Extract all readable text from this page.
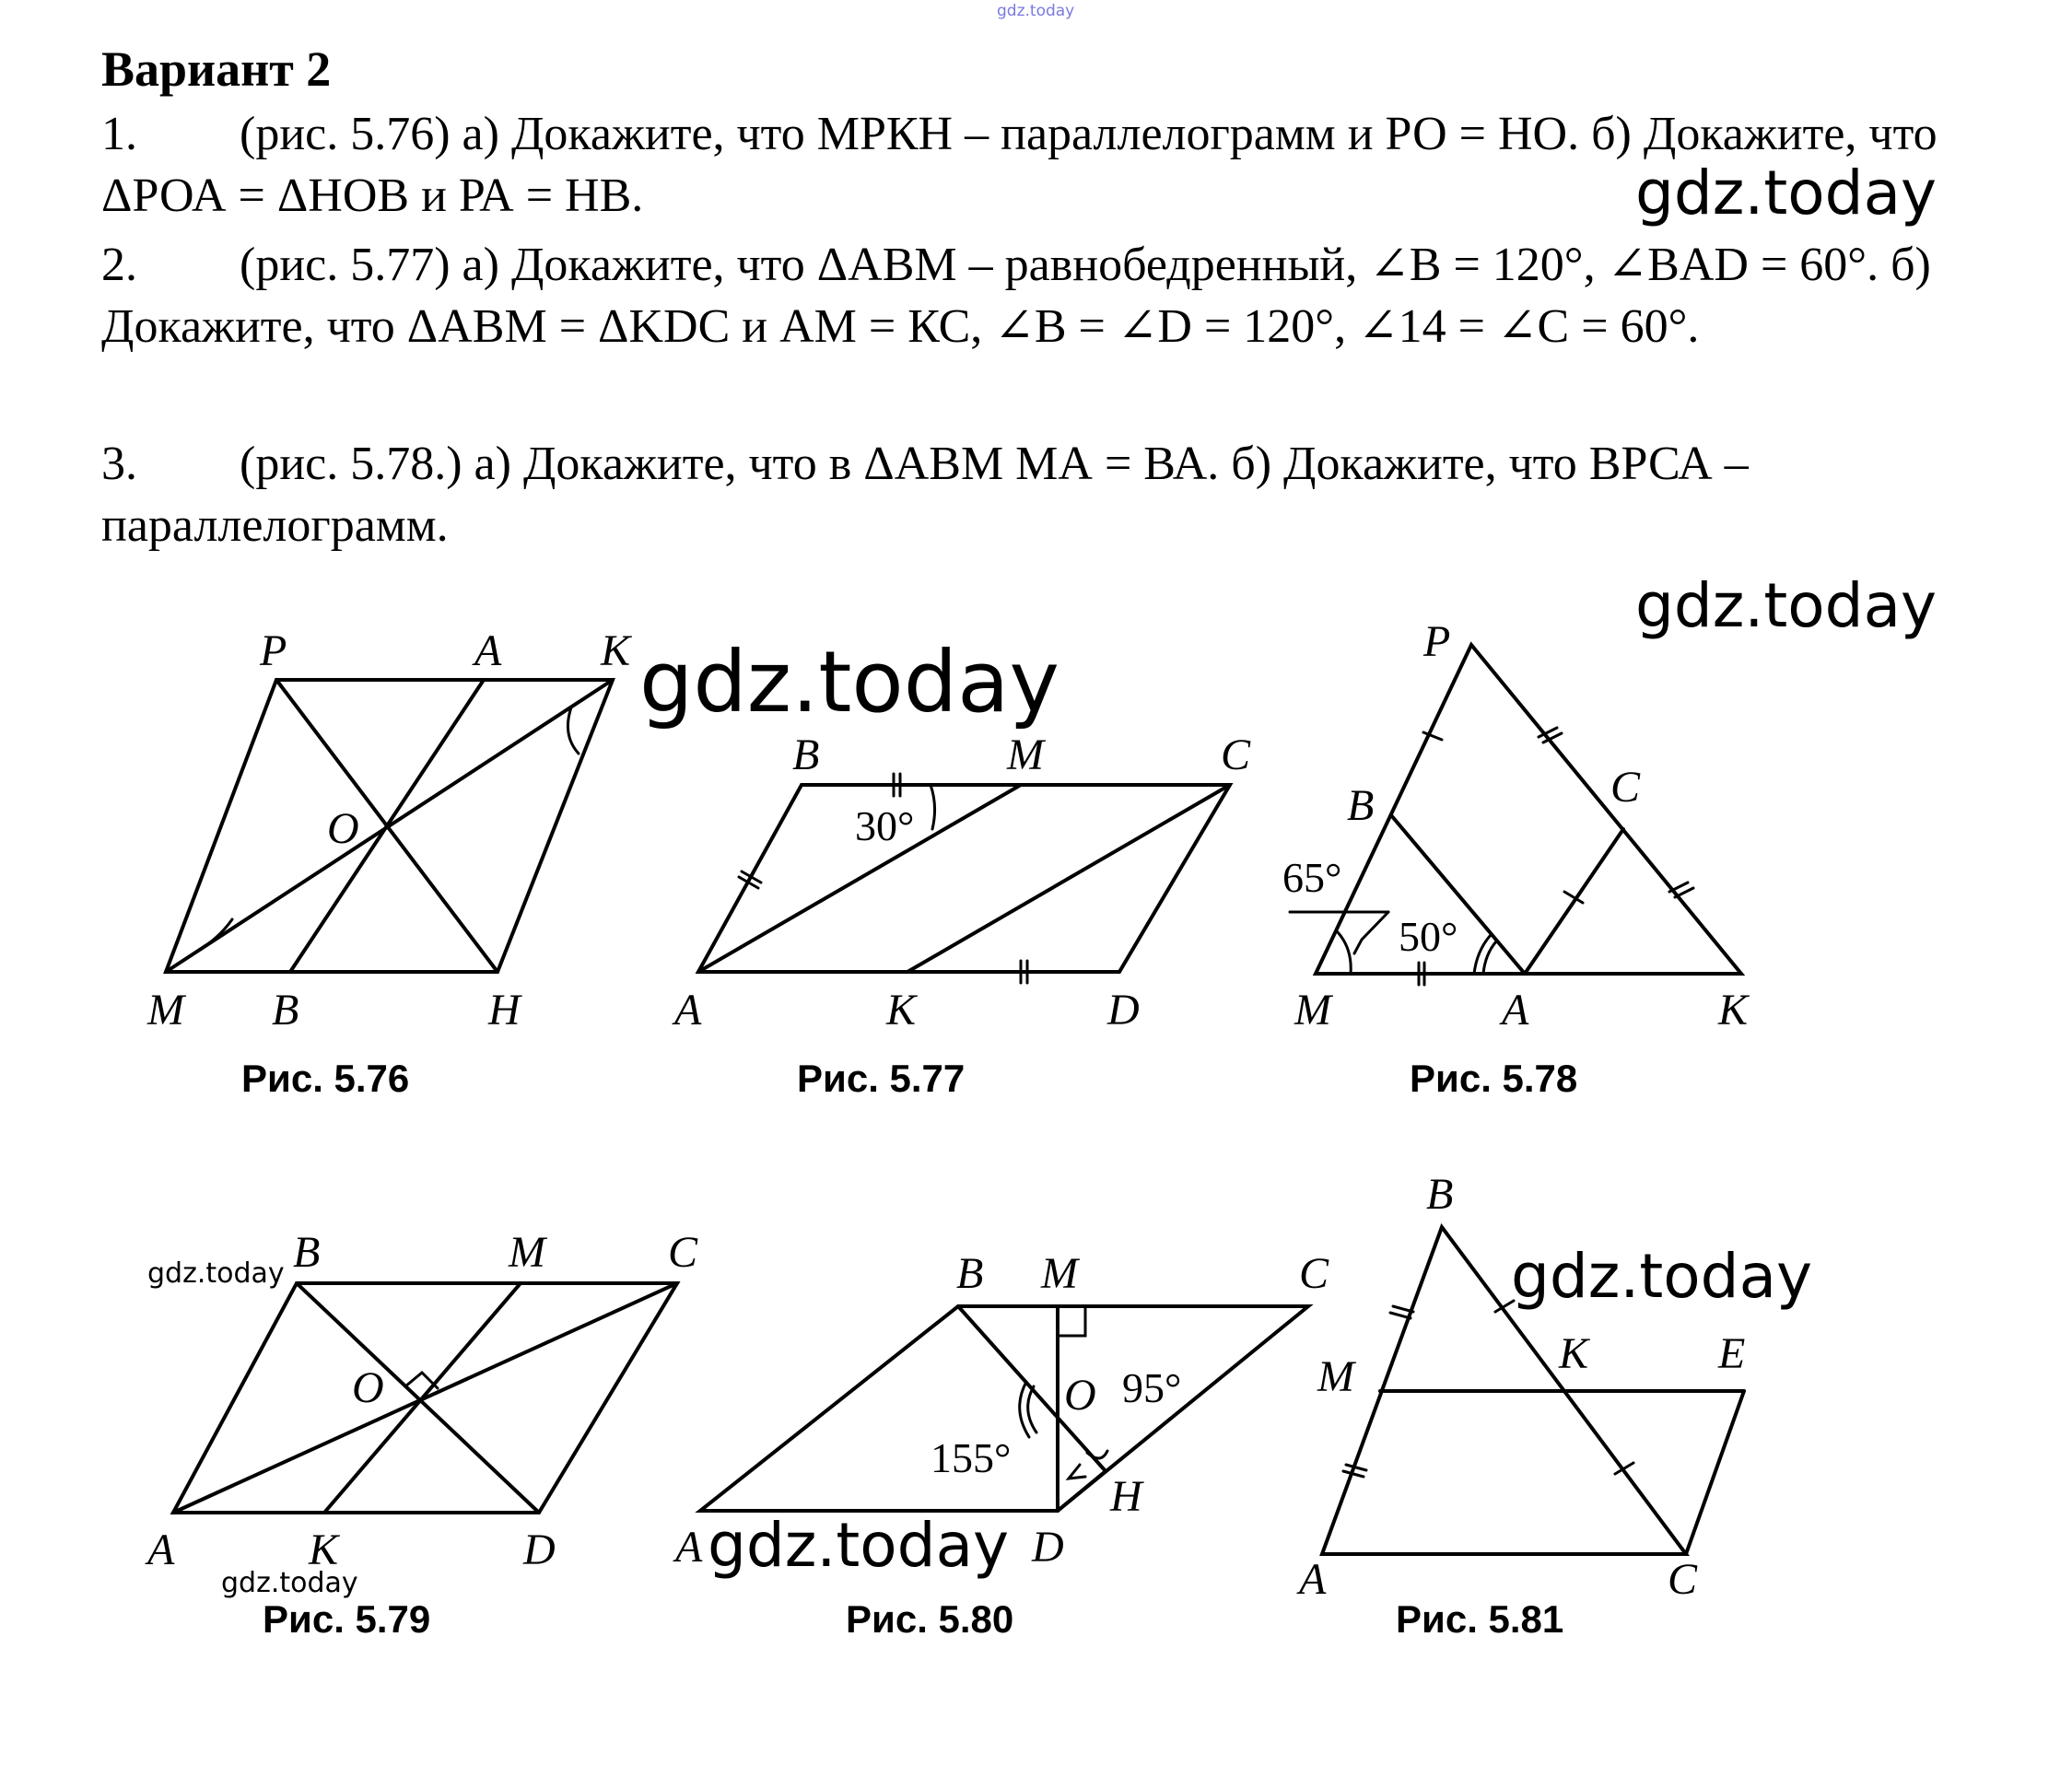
gdz.today
Вариант 2
1. (рис. 5.76) а) Докажите, что МРКН – параллелограмм и РО = НО. б) Докажите, что ΔРОА = ΔНОВ и РА = НВ.
2. (рис. 5.77) а) Докажите, что ΔАВМ – равнобедренный, ∠В = 120°, ∠BAD = 60°. б) Докажите, что ΔАВМ = ΔKDC и АМ = КС, ∠В = ∠D = 120°, ∠14 = ∠С = 60°.
3. (рис. 5.78.) а) Докажите, что в ΔАВМ МА = ВА. б) Докажите, что ВРСА – параллелограмм.
P	A K
O
M B	H
Рис. 5.76
B	M	C
30°
A	K	D
Рис. 5.77
P
B	C
65°
50°
M	A	K
Рис. 5.78
B	M	C
O
A	K	D
Рис. 5.79
B M	C
O 95°
155°
H
A	D
Рис. 5.80
B
M	K	E
A	C
Рис. 5.81
gdz.today
gdz.today
gdz.today
gdz.today
gdz.today
gdz.today
gdz.today
